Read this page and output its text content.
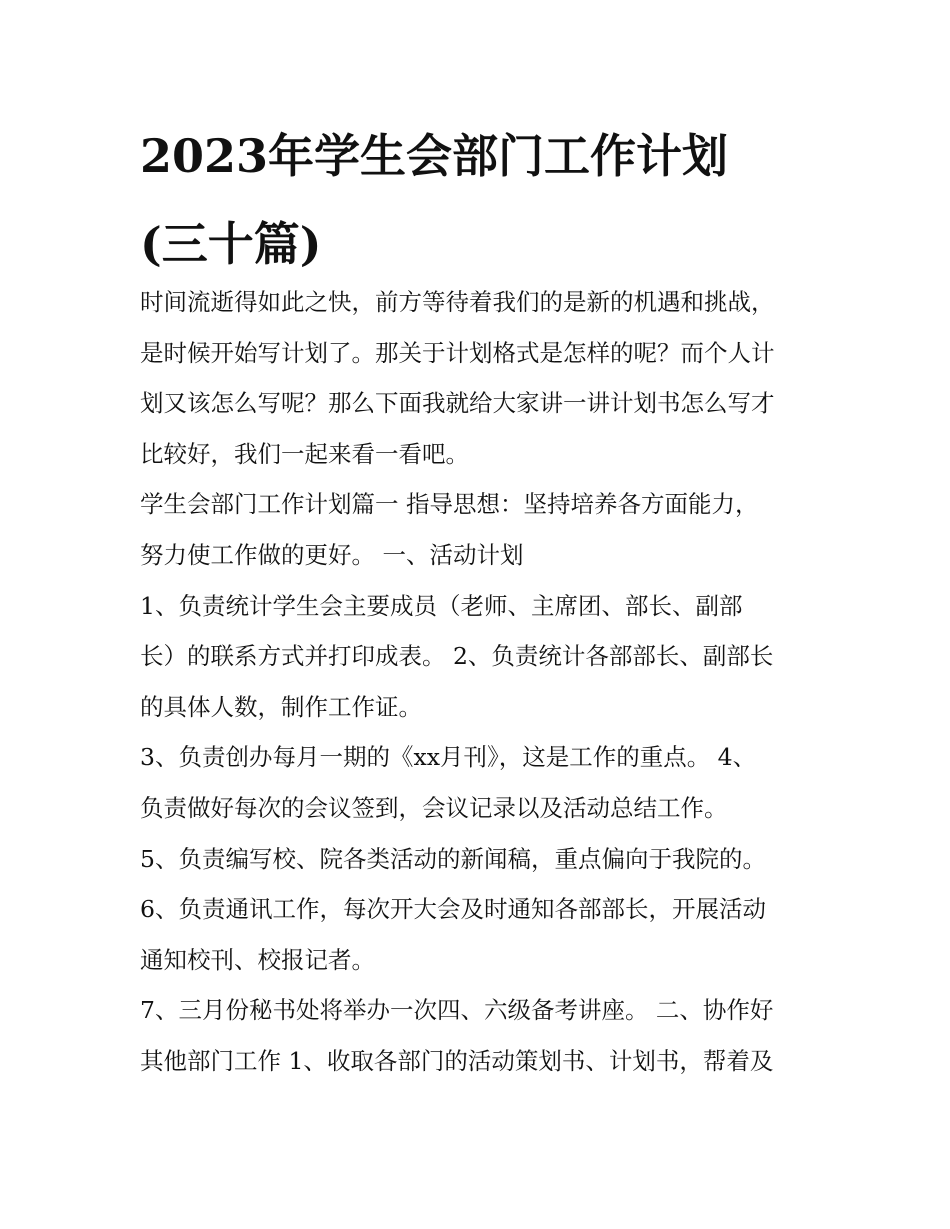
2023年学生会部门工作计划
(三十篇)
时间流逝得如此之快，前方等待着我们的是新的机遇和挑战，
是时候开始写计划了。那关于计划格式是怎样的呢？而个人计
划又该怎么写呢？那么下面我就给大家讲一讲计划书怎么写才
比较好，我们一起来看一看吧。
学生会部门工作计划篇一 指导思想：坚持培养各方面能力，
努力使工作做的更好。 一、活动计划
1、负责统计学生会主要成员（老师、主席团、部长、副部
长）的联系方式并打印成表。 2、负责统计各部部长、副部长
的具体人数，制作工作证。
3、负责创办每月一期的《xx月刊》，这是工作的重点。 4、
负责做好每次的会议签到，会议记录以及活动总结工作。
5、负责编写校、院各类活动的新闻稿，重点偏向于我院的。
6、负责通讯工作，每次开大会及时通知各部部长，开展活动
通知校刊、校报记者。
7、三月份秘书处将举办一次四、六级备考讲座。 二、协作好
其他部门工作 1、收取各部门的活动策划书、计划书，帮着及
